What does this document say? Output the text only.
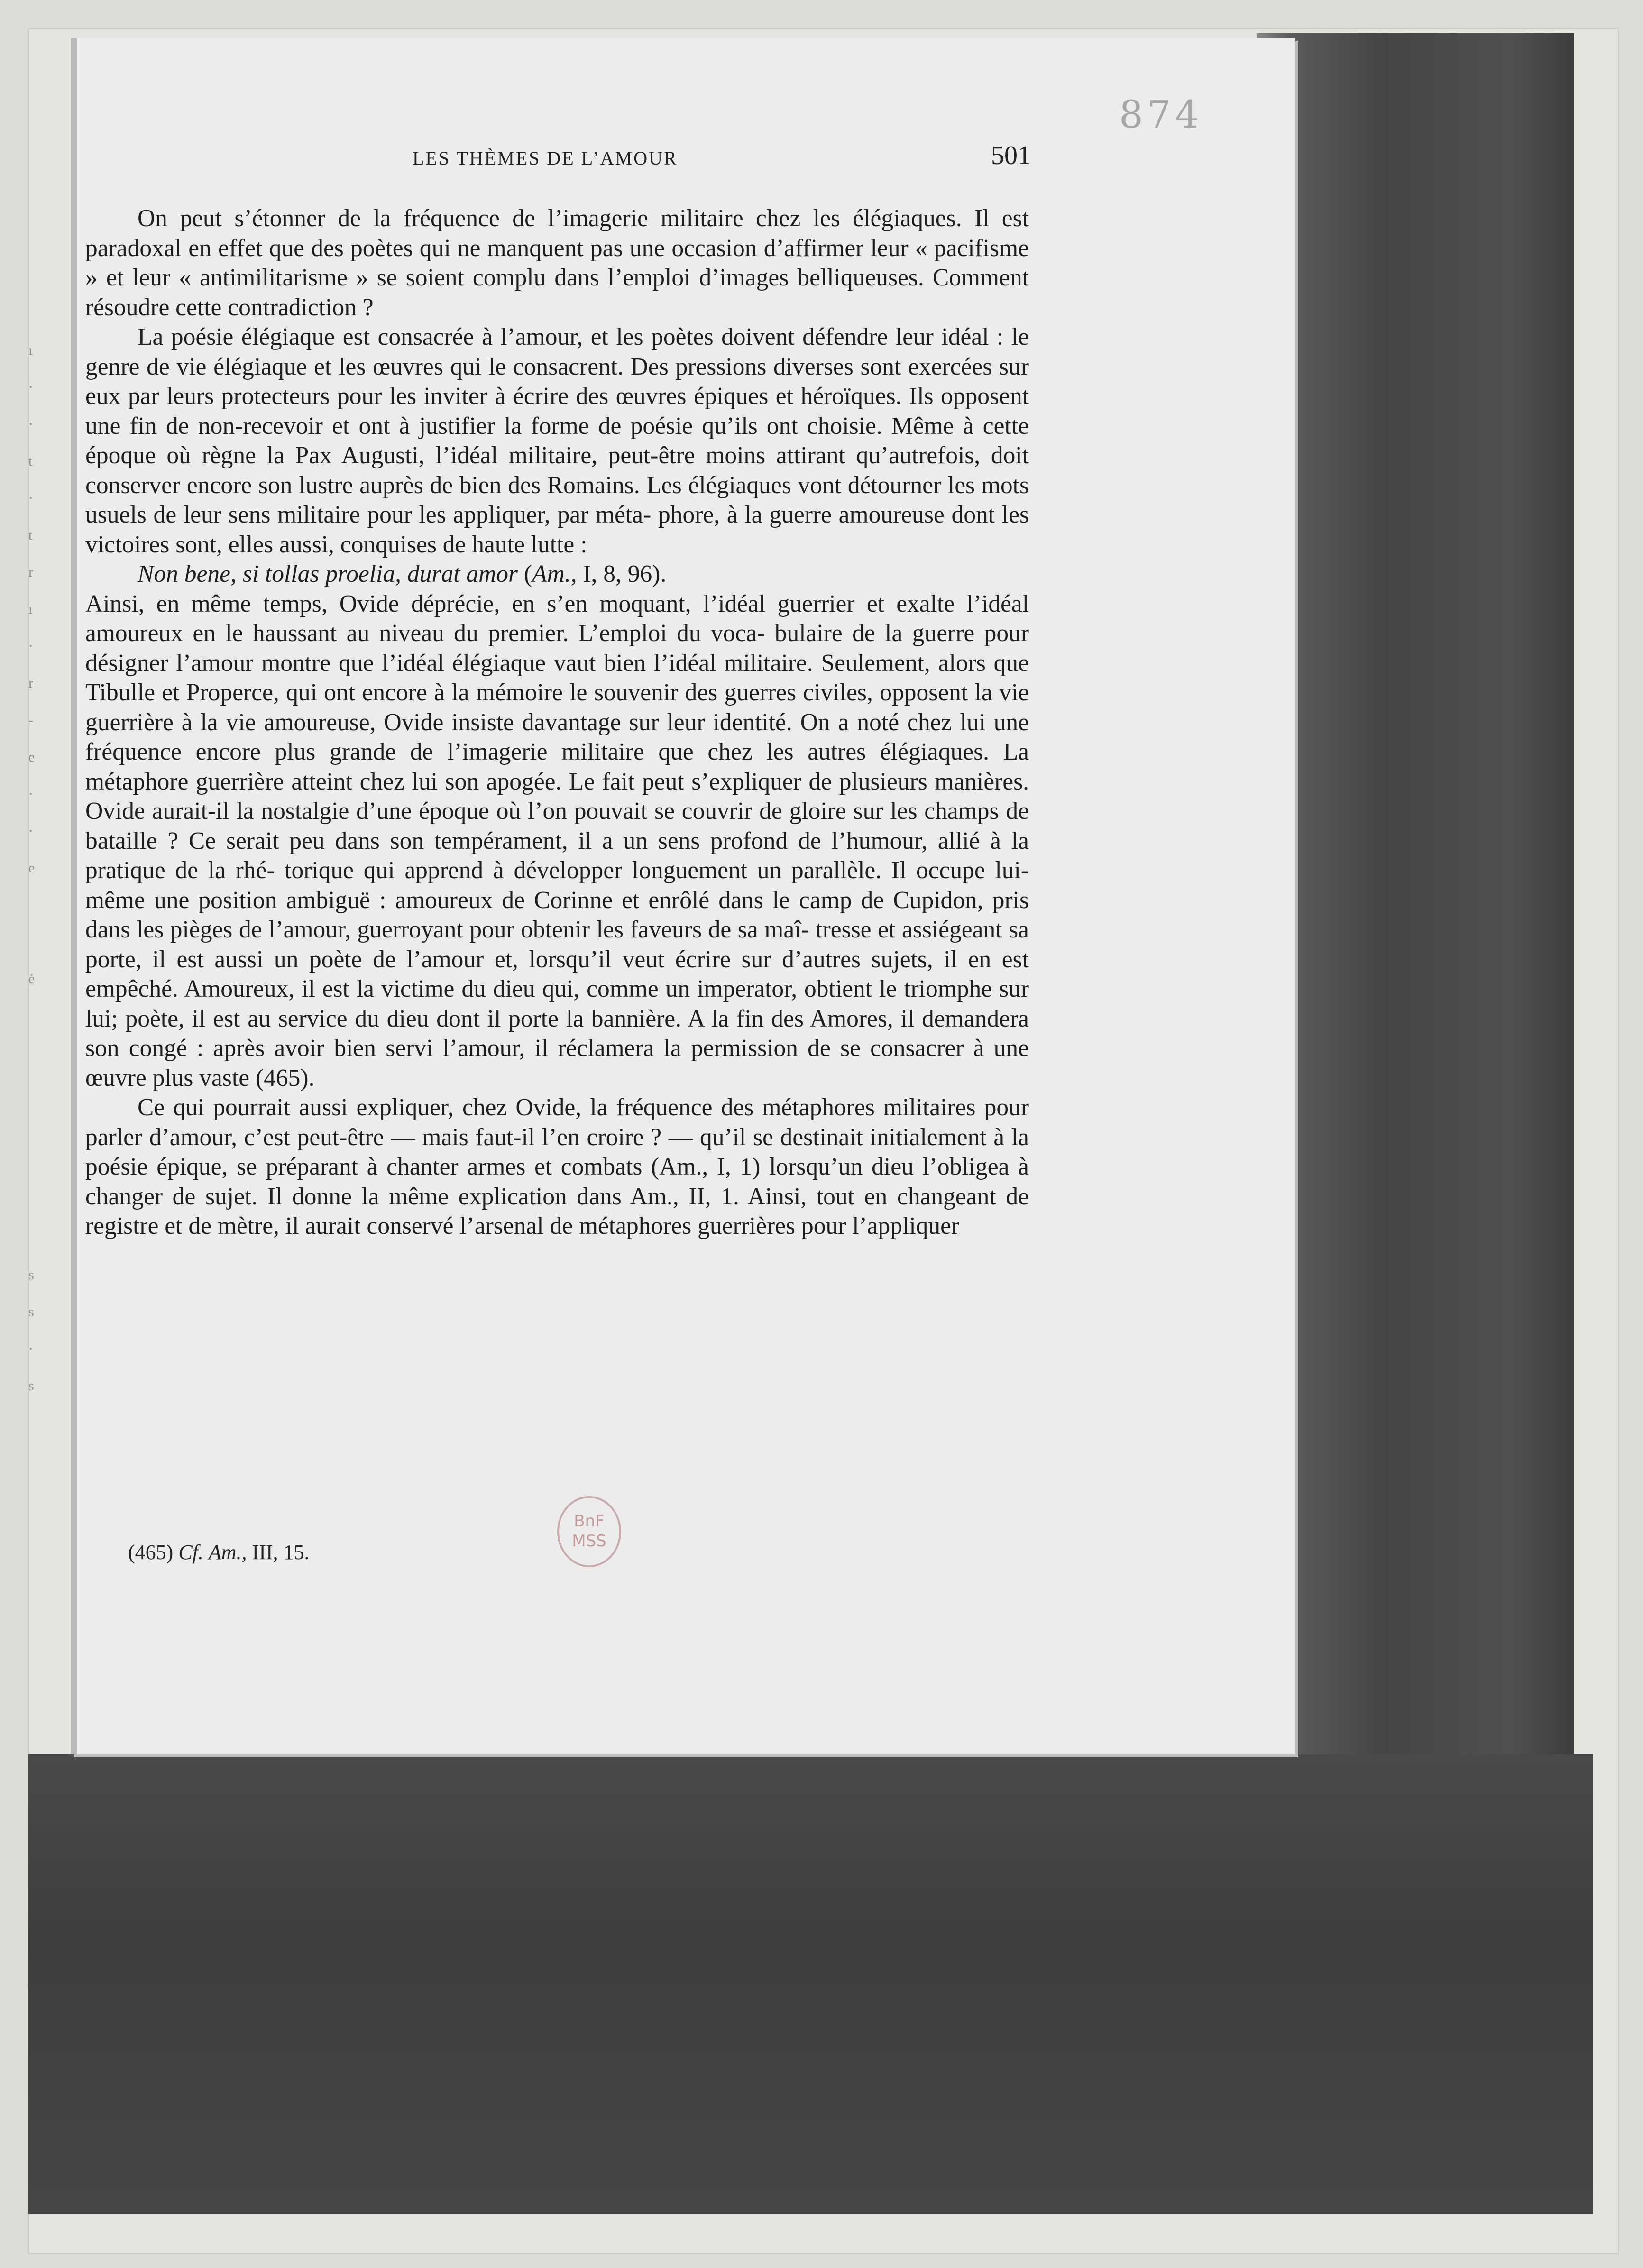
874
ı
·
·
t
·
t
r
ı
·
r
-
e
·
·
e

ė

s
s
·
s
LES THÈMES DE L’AMOUR	501

On peut s’étonner de la fréquence de l’imagerie militaire chez les élégiaques. Il est paradoxal en effet que des poètes qui ne manquent pas une occasion d’affirmer leur « pacifisme » et leur « antimilitarisme » se soient complu dans l’emploi d’images belliqueuses. Comment résoudre cette contradiction ?

La poésie élégiaque est consacrée à l’amour, et les poètes doivent défendre leur idéal : le genre de vie élégiaque et les œuvres qui le consacrent. Des pressions diverses sont exercées sur eux par leurs protecteurs pour les inviter à écrire des œuvres épiques et héroïques. Ils opposent une fin de non-recevoir et ont à justifier la forme de poésie qu’ils ont choisie. Même à cette époque où règne la Pax Augusti, l’idéal militaire, peut-être moins attirant qu’autrefois, doit conserver encore son lustre auprès de bien des Romains. Les élégiaques vont détourner les mots usuels de leur sens militaire pour les appliquer, par méta- phore, à la guerre amoureuse dont les victoires sont, elles aussi, conquises de haute lutte :

Non bene, si tollas proelia, durat amor (Am., I, 8, 96).

Ainsi, en même temps, Ovide déprécie, en s’en moquant, l’idéal guerrier et exalte l’idéal amoureux en le haussant au niveau du premier. L’emploi du voca- bulaire de la guerre pour désigner l’amour montre que l’idéal élégiaque vaut bien l’idéal militaire. Seulement, alors que Tibulle et Properce, qui ont encore à la mémoire le souvenir des guerres civiles, opposent la vie guerrière à la vie amoureuse, Ovide insiste davantage sur leur identité. On a noté chez lui une fréquence encore plus grande de l’imagerie militaire que chez les autres élégiaques. La métaphore guerrière atteint chez lui son apogée. Le fait peut s’expliquer de plusieurs manières. Ovide aurait-il la nostalgie d’une époque où l’on pouvait se couvrir de gloire sur les champs de bataille ? Ce serait peu dans son tempérament, il a un sens profond de l’humour, allié à la pratique de la rhé- torique qui apprend à développer longuement un parallèle. Il occupe lui-même une position ambiguë : amoureux de Corinne et enrôlé dans le camp de Cupidon, pris dans les pièges de l’amour, guerroyant pour obtenir les faveurs de sa maî- tresse et assiégeant sa porte, il est aussi un poète de l’amour et, lorsqu’il veut écrire sur d’autres sujets, il en est empêché. Amoureux, il est la victime du dieu qui, comme un imperator, obtient le triomphe sur lui; poète, il est au service du dieu dont il porte la bannière. A la fin des Amores, il demandera son congé : après avoir bien servi l’amour, il réclamera la permission de se consacrer à une œuvre plus vaste (465).

Ce qui pourrait aussi expliquer, chez Ovide, la fréquence des métaphores militaires pour parler d’amour, c’est peut-être — mais faut-il l’en croire ? — qu’il se destinait initialement à la poésie épique, se préparant à chanter armes et combats (Am., I, 1) lorsqu’un dieu l’obligea à changer de sujet. Il donne la même explication dans Am., II, 1. Ainsi, tout en changeant de registre et de mètre, il aurait conservé l’arsenal de métaphores guerrières pour l’appliquer

(465) Cf. Am., III, 15.
BnF
MSS
